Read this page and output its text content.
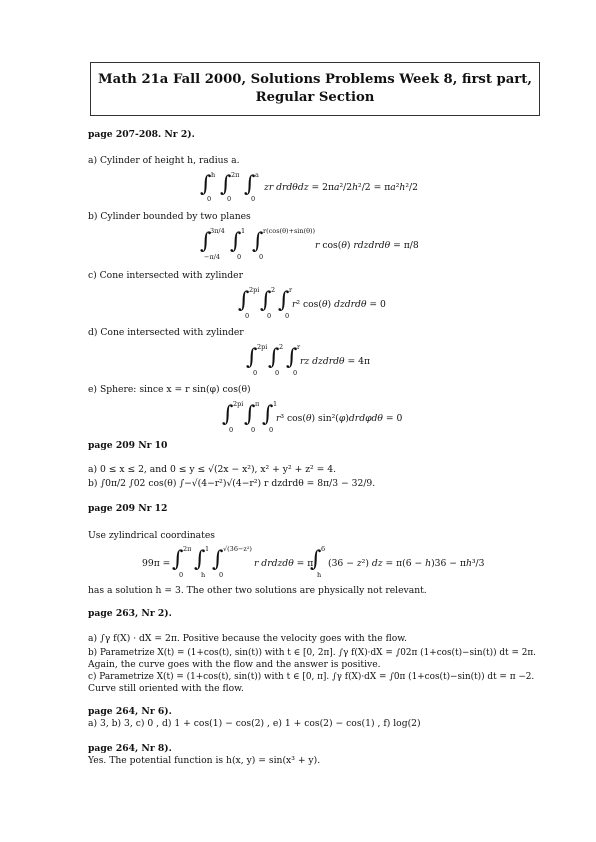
Math 21a Fall 2000, Solutions Problems Week 8, first part,
Regular Section
page 207-208. Nr 2).
a) Cylinder of height h, radius a.
∫ h
0
∫ 2π
0
∫ a
0
zr drdθdz = 2πa²/2h²/2 = πa²h²/2
b) Cylinder bounded by two planes
∫
3π/4
−π/4
∫ 1
0
∫ r(cos(θ)+sin(θ))
0
r cos(θ) rdzdrdθ = π/8
c) Cone intersected with zylinder
∫ 2pi
0
∫ 2
0
∫ r
0
r² cos(θ) dzdrdθ = 0
d) Cone intersected with zylinder
∫ 2pi
0
∫ 2
0
∫ r
0
rz dzdrdθ = 4π
e) Sphere: since x = r sin(φ) cos(θ)
∫ 2pi
0
∫ π
0
∫ 1
0
r³ cos(θ) sin²(φ)drdφdθ = 0
page 209 Nr 10
a) 0 ≤ x ≤ 2, and 0 ≤ y ≤ √(2x − x²), x² + y² + z² = 4.
b) ∫0π/2 ∫02 cos(θ) ∫−√(4−r²)√(4−r²) r dzdrdθ = 8π/3 − 32/9.
page 209 Nr 12
Use zylindrical coordinates
99π = ∫ 2π
0
∫ 1
h
∫ √(36−z²)
0
r drdzdθ = π
∫ 6
h
(36 − z²) dz = π(6 − h)36 − πh³/3
has a solution h = 3. The other two solutions are physically not relevant.
page 263, Nr 2).
a) ∫γ f(X) · dX = 2π. Positive because the velocity goes with the flow.
b) Parametrize X(t) = (1+cos(t), sin(t)) with t ∈ [0, 2π]. ∫γ f(X)·dX = ∫02π (1+cos(t)−sin(t)) dt = 2π.
Again, the curve goes with the flow and the answer is positive.
c) Parametrize X(t) = (1+cos(t), sin(t)) with t ∈ [0, π]. ∫γ f(X)·dX = ∫0π (1+cos(t)−sin(t)) dt = π −2.
Curve still oriented with the flow.
page 264, Nr 6).
a) 3, b) 3, c) 0 , d) 1 + cos(1) − cos(2) , e) 1 + cos(2) − cos(1) , f) log(2)
page 264, Nr 8).
Yes. The potential function is h(x, y) = sin(x³ + y).
